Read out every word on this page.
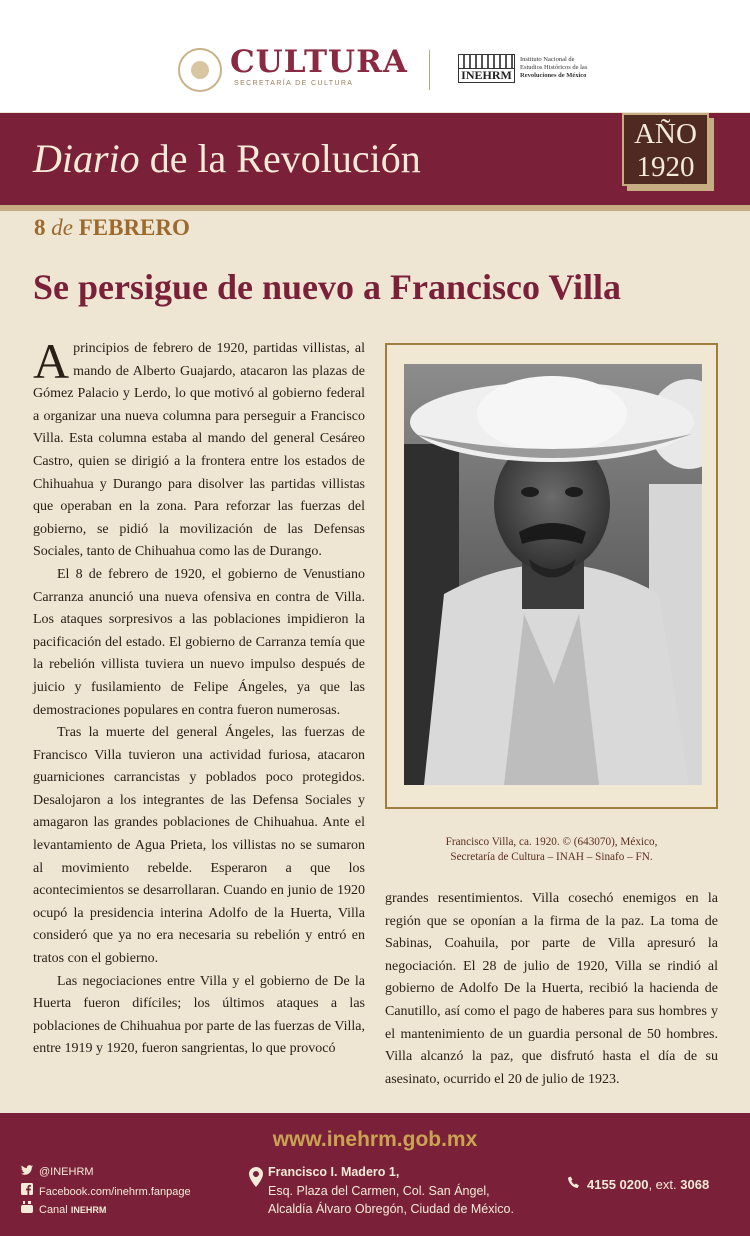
CULTURA
SECRETARÍA DE CULTURA
INEHRM
Instituto Nacional de
Estudios Históricos de las
Revoluciones de México
Diario de la Revolución
AÑO
1920
8 de FEBRERO
Se persigue de nuevo a Francisco Villa

Aprincipios de febrero de 1920, partidas villistas, al mando de Alberto Guajardo, atacaron las plazas de Gómez Palacio y Lerdo, lo que motivó al gobierno federal a organizar una nueva columna para perseguir a Francisco Villa. Esta columna estaba al mando del general Cesáreo Castro, quien se dirigió a la frontera entre los estados de Chihuahua y Durango para disolver las partidas villistas que operaban en la zona. Para reforzar las fuerzas del gobierno, se pidió la movilización de las Defensas Sociales, tanto de Chihuahua como las de Durango.

El 8 de febrero de 1920, el gobierno de Venustiano Carranza anunció una nueva ofensiva en contra de Villa. Los ataques sorpresivos a las poblaciones impidieron la pacificación del estado. El gobierno de Carranza temía que la rebelión villista tuviera un nuevo impulso después de juicio y fusilamiento de Felipe Ángeles, ya que las demostraciones populares en contra fueron numerosas.

Tras la muerte del general Ángeles, las fuerzas de Francisco Villa tuvieron una actividad furiosa, atacaron guarniciones carrancistas y poblados poco protegidos. Desalojaron a los integrantes de las Defensa Sociales y amagaron las grandes poblaciones de Chihuahua. Ante el levantamiento de Agua Prieta, los villistas no se sumaron al movimiento rebelde. Esperaron a que los acontecimientos se desarrollaran. Cuando en junio de 1920 ocupó la presidencia interina Adolfo de la Huerta, Villa consideró que ya no era necesaria su rebelión y entró en tratos con el gobierno.

Las negociaciones entre Villa y el gobierno de De la Huerta fueron difíciles; los últimos ataques a las poblaciones de Chihuahua por parte de las fuerzas de Villa, entre 1919 y 1920, fueron sangrientas, lo que provocó

Francisco Villa, ca. 1920. © (643070), México,
Secretaría de Cultura – INAH – Sinafo – FN.

grandes resentimientos. Villa cosechó enemigos en la región que se oponían a la firma de la paz. La toma de Sabinas, Coahuila, por parte de Villa apresuró la negociación. El 28 de julio de 1920, Villa se rindió al gobierno de Adolfo De la Huerta, recibió la hacienda de Canutillo, así como el pago de haberes para sus hombres y el mantenimiento de un guardia personal de 50 hombres. Villa alcanzó la paz, que disfrutó hasta el día de su asesinato, ocurrido el 20 de julio de 1923.

www.inehrm.gob.mx
@INEHRM
Facebook.com/inehrm.fanpage
Canal INEHRM
Francisco I. Madero 1,
Esq. Plaza del Carmen, Col. San Ángel,
Alcaldía Álvaro Obregón, Ciudad de México.
4155 0200, ext. 3068
